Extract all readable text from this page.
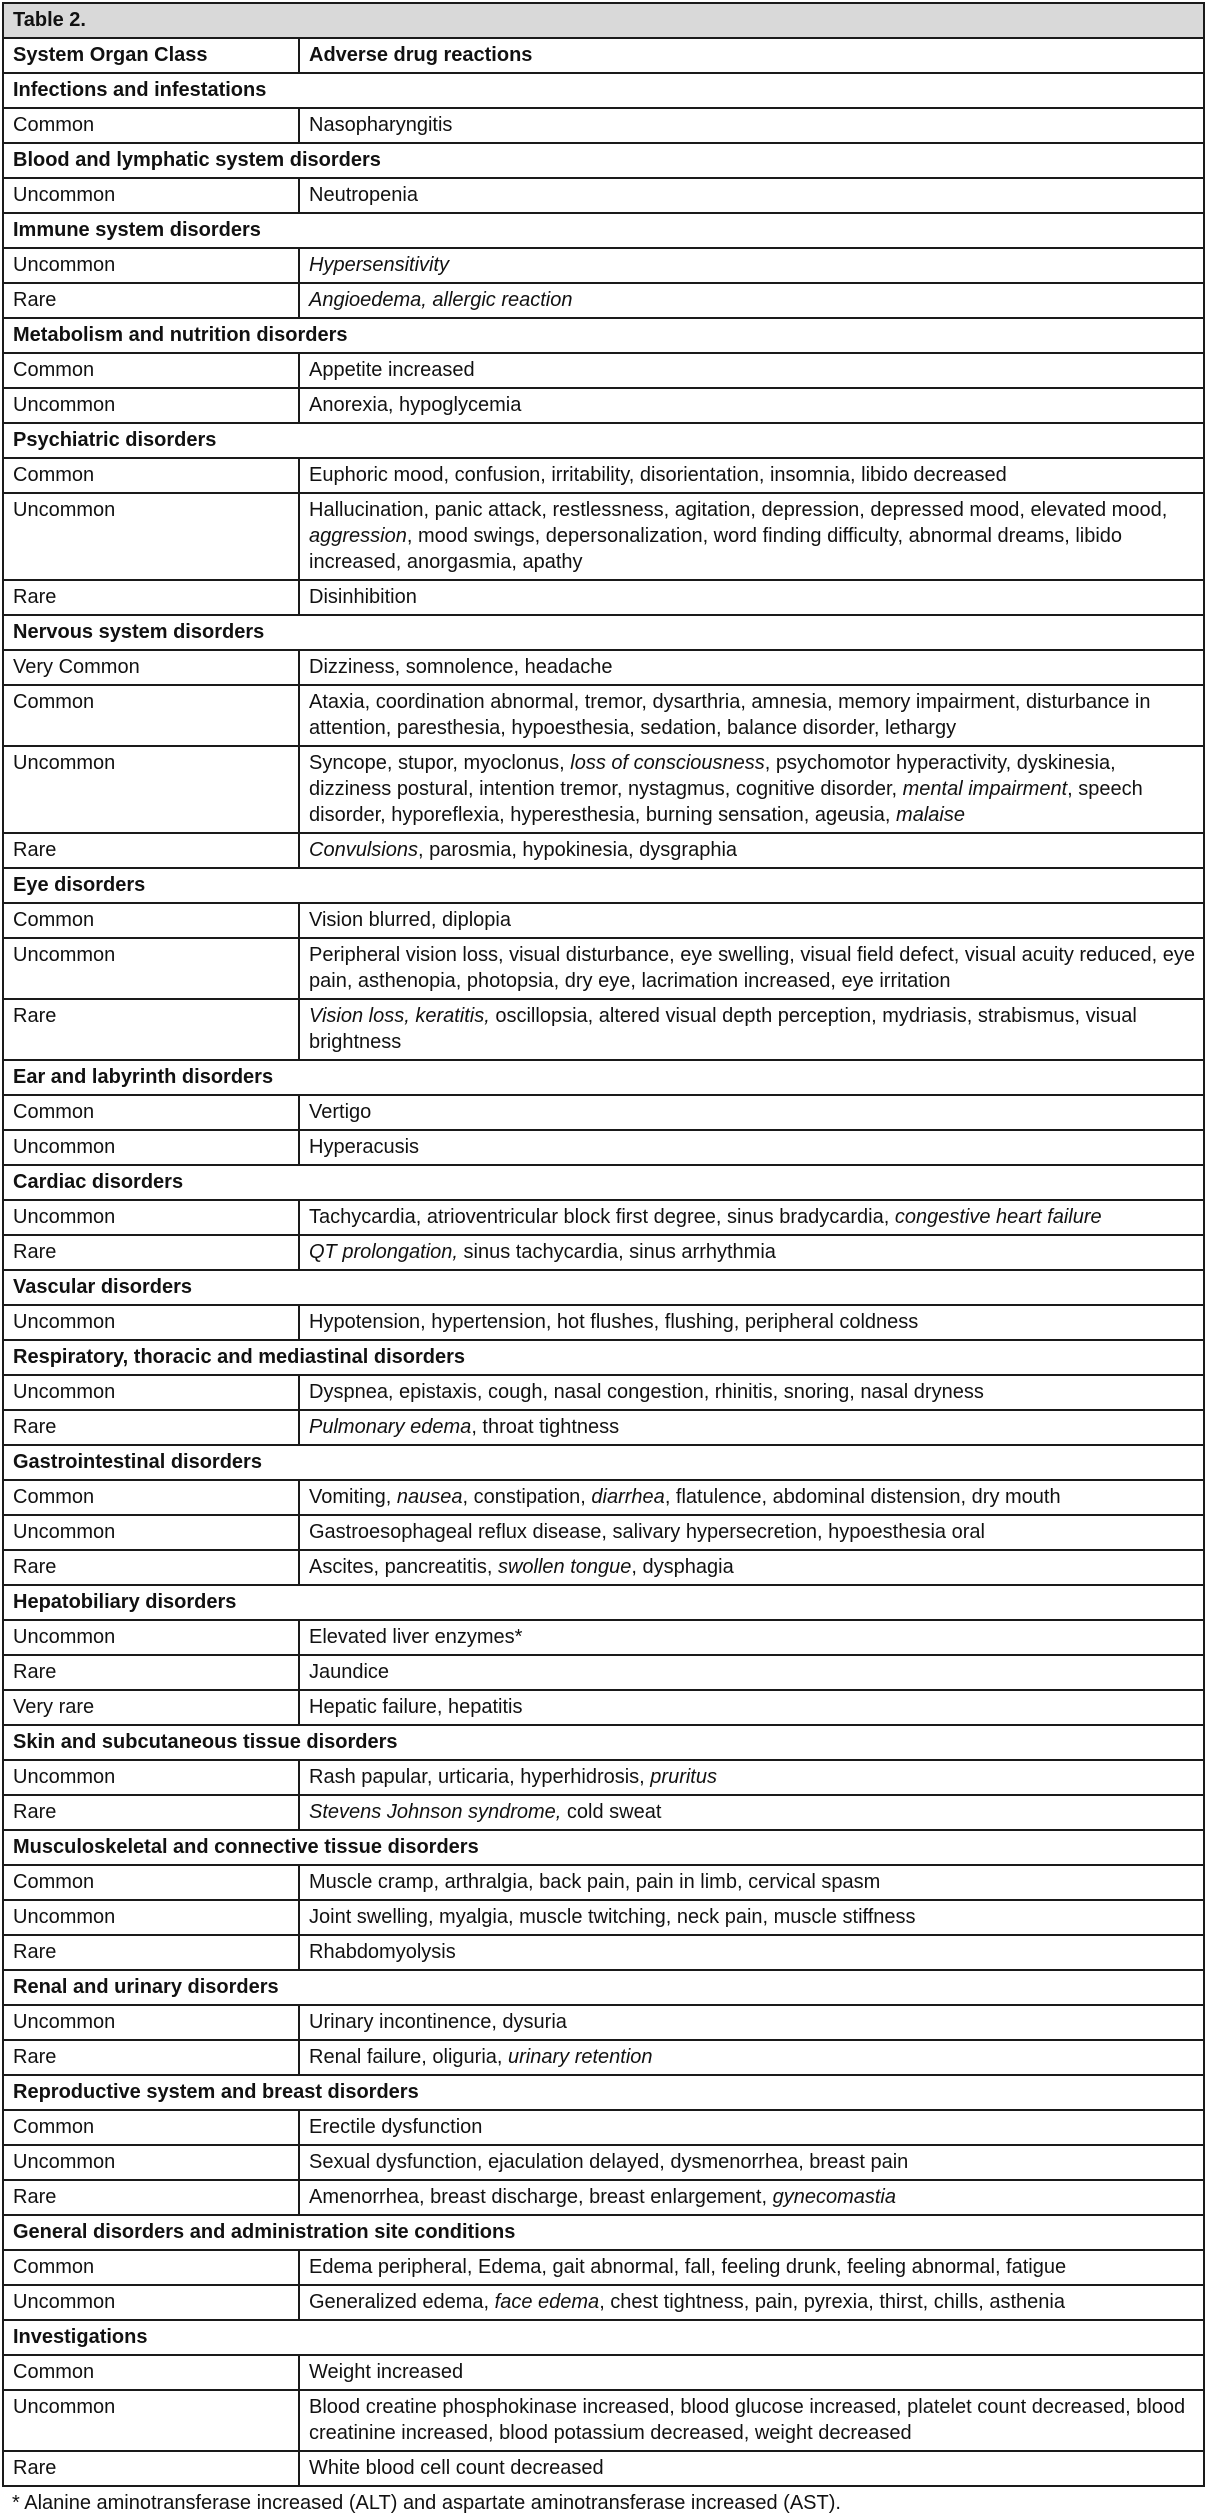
Table 2.	
System Organ Class	Adverse drug reactions
Infections and infestations	
Common	Nasopharyngitis
Blood and lymphatic system disorders	
Uncommon	Neutropenia
Immune system disorders	
Uncommon	Hypersensitivity
Rare	Angioedema, allergic reaction
Metabolism and nutrition disorders	
Common	Appetite increased
Uncommon	Anorexia, hypoglycemia
Psychiatric disorders	
Common	Euphoric mood, confusion, irritability, disorientation, insomnia, libido decreased
Uncommon	Hallucination, panic attack, restlessness, agitation, depression, depressed mood, elevated mood, aggression, mood swings, depersonalization, word finding difficulty, abnormal dreams, libido increased, anorgasmia, apathy
Rare	Disinhibition
Nervous system disorders	
Very Common	Dizziness, somnolence, headache
Common	Ataxia, coordination abnormal, tremor, dysarthria, amnesia, memory impairment, disturbance in attention, paresthesia, hypoesthesia, sedation, balance disorder, lethargy
Uncommon	Syncope, stupor, myoclonus, loss of consciousness, psychomotor hyperactivity, dyskinesia, dizziness postural, intention tremor, nystagmus, cognitive disorder, mental impairment, speech disorder, hyporeflexia, hyperesthesia, burning sensation, ageusia, malaise
Rare	Convulsions, parosmia, hypokinesia, dysgraphia
Eye disorders	
Common	Vision blurred, diplopia
Uncommon	Peripheral vision loss, visual disturbance, eye swelling, visual field defect, visual acuity reduced, eye pain, asthenopia, photopsia, dry eye, lacrimation increased, eye irritation
Rare	Vision loss, keratitis, oscillopsia, altered visual depth perception, mydriasis, strabismus, visual brightness
Ear and labyrinth disorders	
Common	Vertigo
Uncommon	Hyperacusis
Cardiac disorders	
Uncommon	Tachycardia, atrioventricular block first degree, sinus bradycardia, congestive heart failure
Rare	QT prolongation, sinus tachycardia, sinus arrhythmia
Vascular disorders	
Uncommon	Hypotension, hypertension, hot flushes, flushing, peripheral coldness
Respiratory, thoracic and mediastinal disorders	
Uncommon	Dyspnea, epistaxis, cough, nasal congestion, rhinitis, snoring, nasal dryness
Rare	Pulmonary edema, throat tightness
Gastrointestinal disorders	
Common	Vomiting, nausea, constipation, diarrhea, flatulence, abdominal distension, dry mouth
Uncommon	Gastroesophageal reflux disease, salivary hypersecretion, hypoesthesia oral
Rare	Ascites, pancreatitis, swollen tongue, dysphagia
Hepatobiliary disorders	
Uncommon	Elevated liver enzymes*
Rare	Jaundice
Very rare	Hepatic failure, hepatitis
Skin and subcutaneous tissue disorders	
Uncommon	Rash papular, urticaria, hyperhidrosis, pruritus
Rare	Stevens Johnson syndrome, cold sweat
Musculoskeletal and connective tissue disorders	
Common	Muscle cramp, arthralgia, back pain, pain in limb, cervical spasm
Uncommon	Joint swelling, myalgia, muscle twitching, neck pain, muscle stiffness
Rare	Rhabdomyolysis
Renal and urinary disorders	
Uncommon	Urinary incontinence, dysuria
Rare	Renal failure, oliguria, urinary retention
Reproductive system and breast disorders	
Common	Erectile dysfunction
Uncommon	Sexual dysfunction, ejaculation delayed, dysmenorrhea, breast pain
Rare	Amenorrhea, breast discharge, breast enlargement, gynecomastia
General disorders and administration site conditions	
Common	Edema peripheral, Edema, gait abnormal, fall, feeling drunk, feeling abnormal, fatigue
Uncommon	Generalized edema, face edema, chest tightness, pain, pyrexia, thirst, chills, asthenia
Investigations	
Common	Weight increased
Uncommon	Blood creatine phosphokinase increased, blood glucose increased, platelet count decreased, blood creatinine increased, blood potassium decreased, weight decreased
Rare	White blood cell count decreased
* Alanine aminotransferase increased (ALT) and aspartate aminotransferase increased (AST).
